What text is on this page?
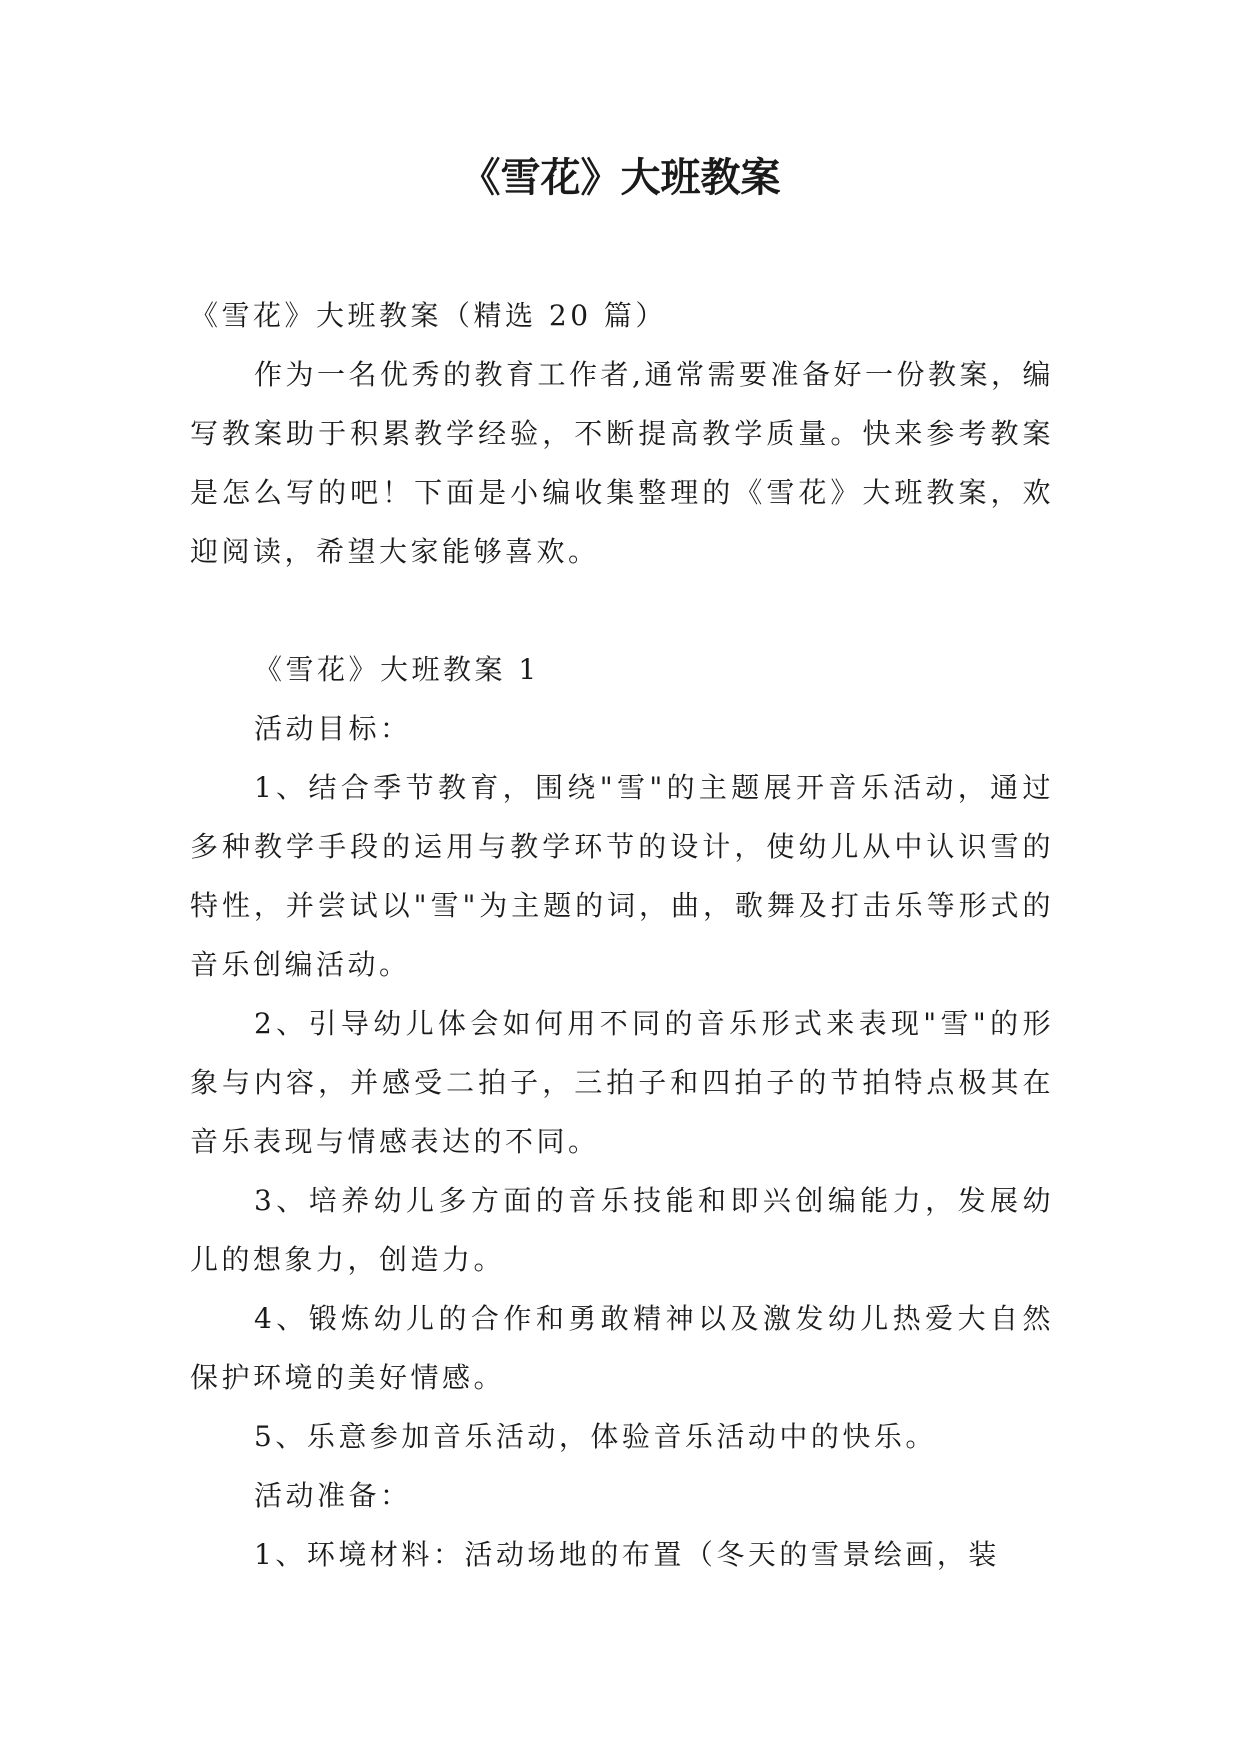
《雪花》大班教案

《雪花》大班教案（精选 20 篇）

作为一名优秀的教育工作者,通常需要准备好一份教案，编写教案助于积累教学经验，不断提高教学质量。快来参考教案是怎么写的吧！下面是小编收集整理的《雪花》大班教案，欢迎阅读，希望大家能够喜欢。

《雪花》大班教案 1

活动目标：

1、结合季节教育，围绕"雪"的主题展开音乐活动，通过多种教学手段的运用与教学环节的设计，使幼儿从中认识雪的特性，并尝试以"雪"为主题的词，曲，歌舞及打击乐等形式的音乐创编活动。

2、引导幼儿体会如何用不同的音乐形式来表现"雪"的形象与内容，并感受二拍子，三拍子和四拍子的节拍特点极其在音乐表现与情感表达的不同。

3、培养幼儿多方面的音乐技能和即兴创编能力，发展幼儿的想象力，创造力。

4、锻炼幼儿的合作和勇敢精神以及激发幼儿热爱大自然保护环境的美好情感。

5、乐意参加音乐活动，体验音乐活动中的快乐。

活动准备：

1、环境材料：活动场地的布置（冬天的雪景绘画，装
